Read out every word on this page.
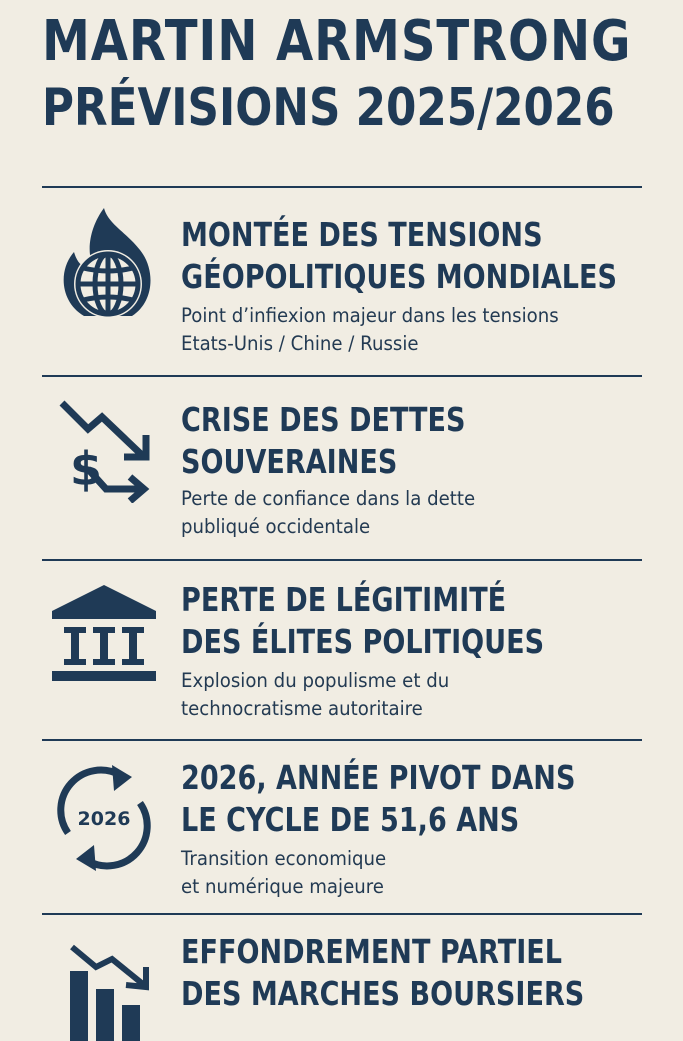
MARTIN ARMSTRONG
PRÉVISIONS 2025/2026
MONTÉE DES TENSIONS
GÉOPOLITIQUES MONDIALES
Point d’infiexion majeur dans les tensions
Etats-Unis / Chine / Russie
$
CRISE DES DETTES
SOUVERAINES
Perte de confiance dans la dette
publiqué occidentale
PERTE DE LÉGITIMITÉ
DES ÉLITES POLITIQUES
Explosion du populisme et du
technocratisme autoritaire
2026
2026, ANNÉE PIVOT DANS
LE CYCLE DE 51,6 ANS
Transition economique
et numérique majeure
EFFONDREMENT PARTIEL
DES MARCHES BOURSIERS
